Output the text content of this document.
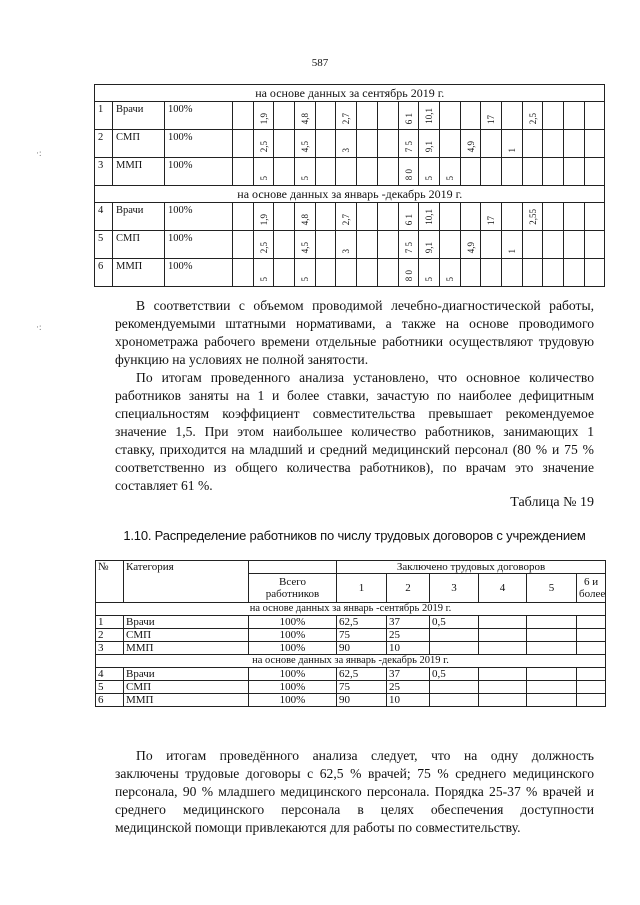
587
·:
·:
на основе данных за сентябрь 2019 г.																				
1	Врачи	100%		1,9		4,8		2,7			6 1	10,1			17		2,5			
2	СМП	100%		2,5		4,5		3			7 5	9,1		4,9		1				
3	ММП	100%		5		5					8 0	5	5							
на основе данных за январь -декабрь 2019 г.																				
4	Врачи	100%		1,9		4,8		2,7			6 1	10,1			17		2,55			
5	СМП	100%		2,5		4,5		3			7 5	9,1		4,9		1				
6	ММП	100%		5		5					8 0	5	5							
В соответствии с объемом проводимой лечебно-диагностической работы,
рекомендуемыми штатными нормативами, а также на основе проводимого
хронометража рабочего времени отдельные работники осуществляют трудовую
функцию на условиях не полной занятости.
По итогам проведенного анализа установлено, что основное количество
работников заняты на 1 и более ставки, зачастую по наиболее дефицитным
специальностям коэффициент совместительства превышает рекомендуемое
значение 1,5. При этом наибольшее количество работников, занимающих 1
ставку, приходится на младший и средний медицинский персонал (80 % и 75 %
соответственно из общего количества работников), по врачам это значение
составляет 61 %.
Таблица № 19
1.10. Распределение работников по числу трудовых договоров с учреждением
№	Категория		Заключено трудовых договоров					
		Всего работников	1	2	3	4	5	6 и более
на основе данных за январь -сентябрь 2019 г.								
1	Врачи	100%	62,5	37	0,5			
2	СМП	100%	75	25				
3	ММП	100%	90	10				
на основе данных за январь -декабрь 2019 г.								
4	Врачи	100%	62,5	37	0,5			
5	СМП	100%	75	25				
6	ММП	100%	90	10				
По итогам проведённого анализа следует, что на одну должность
заключены трудовые договоры с 62,5 % врачей; 75 % среднего медицинского
персонала, 90 % младшего медицинского персонала. Порядка 25-37 % врачей и
среднего медицинского персонала в целях обеспечения доступности
медицинской помощи привлекаются для работы по совместительству.
